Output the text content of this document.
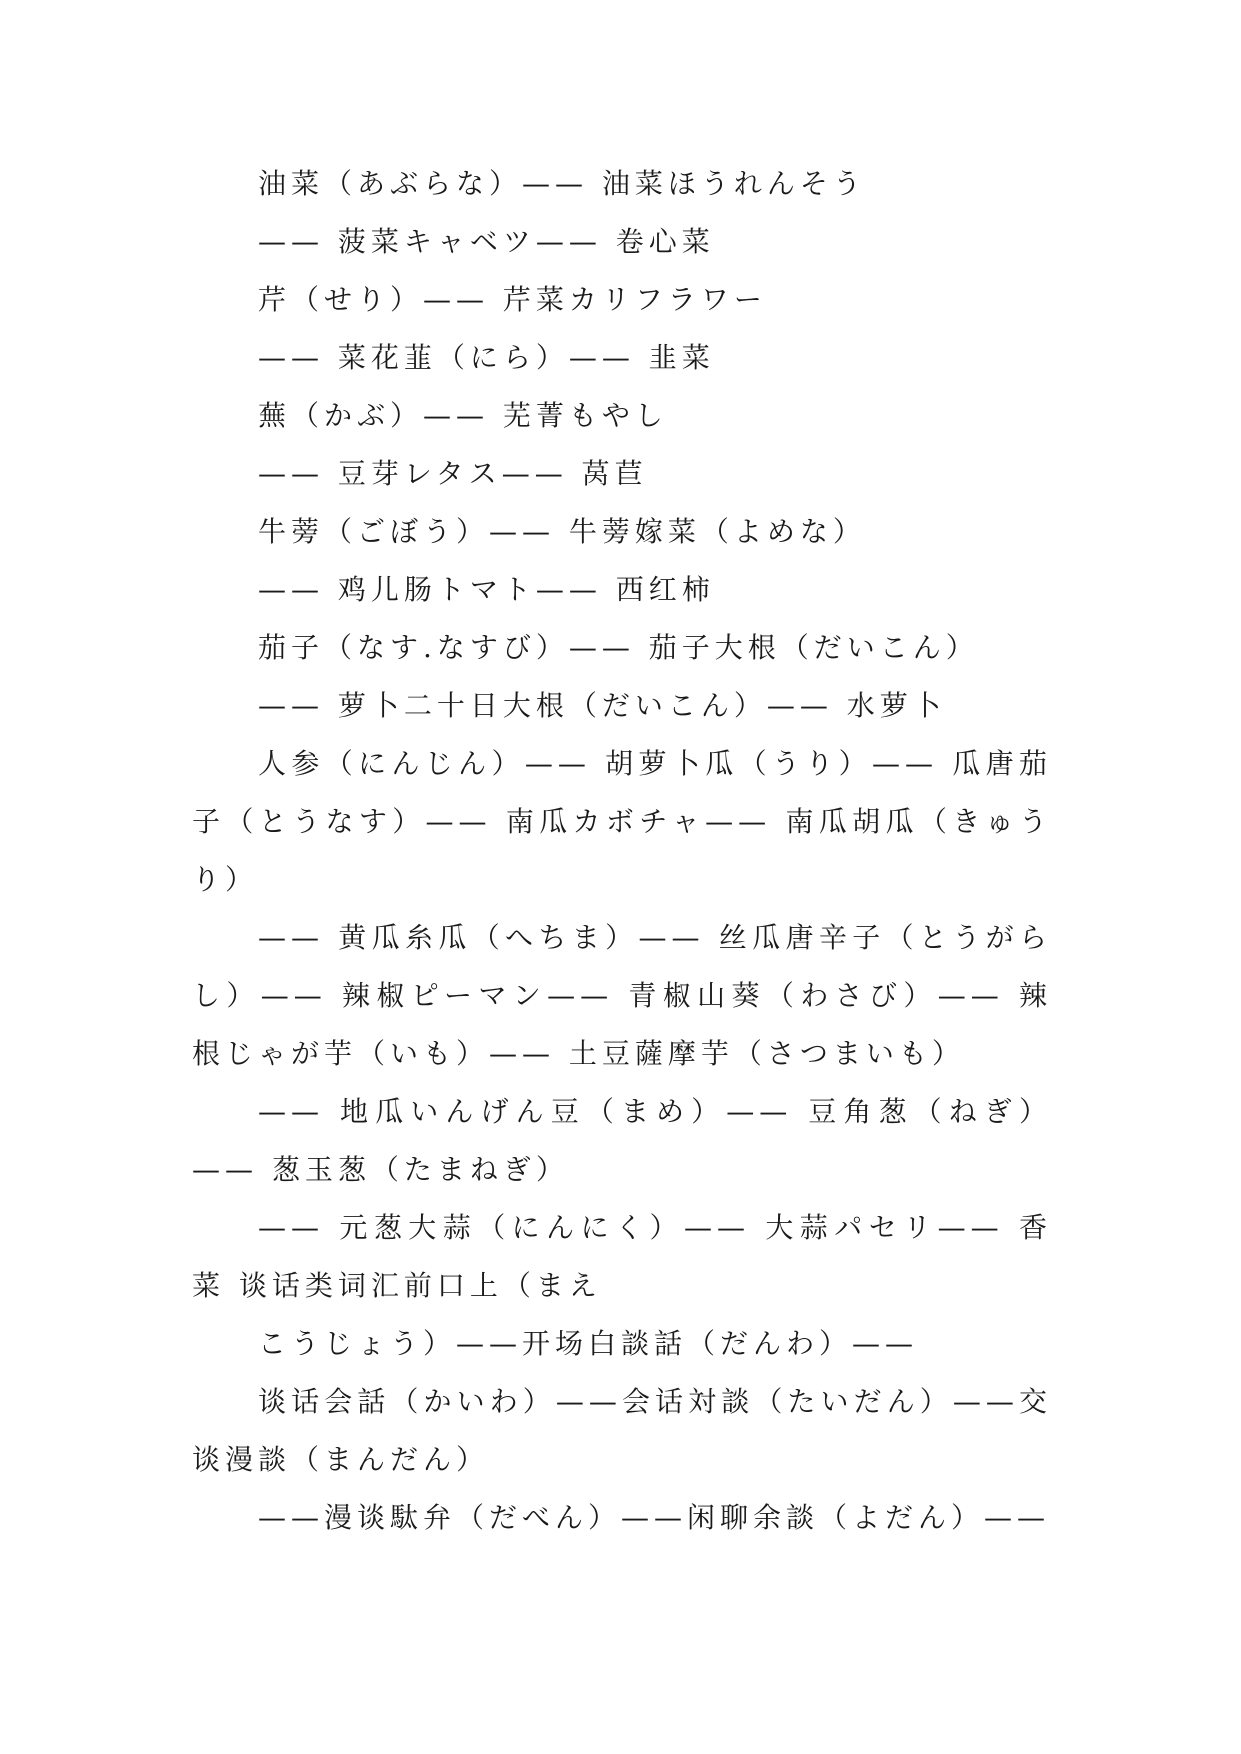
油菜（あぶらな）—— 油菜ほうれんそう

—— 菠菜キャベツ—— 卷心菜

芹（せり）—— 芹菜カリフラワー

—— 菜花韮（にら）—— 韭菜

蕪（かぶ）—— 芜菁もやし

—— 豆芽レタス—— 莴苣

牛蒡（ごぼう）—— 牛蒡嫁菜（よめな）

—— 鸡儿肠トマト—— 西红柿

茄子（なす.なすび）—— 茄子大根（だいこん）

—— 萝卜二十日大根（だいこん）—— 水萝卜

人参（にんじん）—— 胡萝卜瓜（うり）—— 瓜唐茄子（とうなす）—— 南瓜カボチャ—— 南瓜胡瓜（きゅうり）

—— 黄瓜糸瓜（へちま）—— 丝瓜唐辛子（とうがらし）—— 辣椒ピーマン—— 青椒山葵（わさび）—— 辣根じゃが芋（いも）—— 土豆薩摩芋（さつまいも）

—— 地瓜いんげん豆（まめ）—— 豆角葱（ねぎ）—— 葱玉葱（たまねぎ）

—— 元葱大蒜（にんにく）—— 大蒜パセリ—— 香菜 谈话类词汇前口上（まえ

こうじょう）——开场白談話（だんわ）——

谈话会話（かいわ）——会话対談（たいだん）——交谈漫談（まんだん）

——漫谈駄弁（だべん）——闲聊余談（よだん）——
